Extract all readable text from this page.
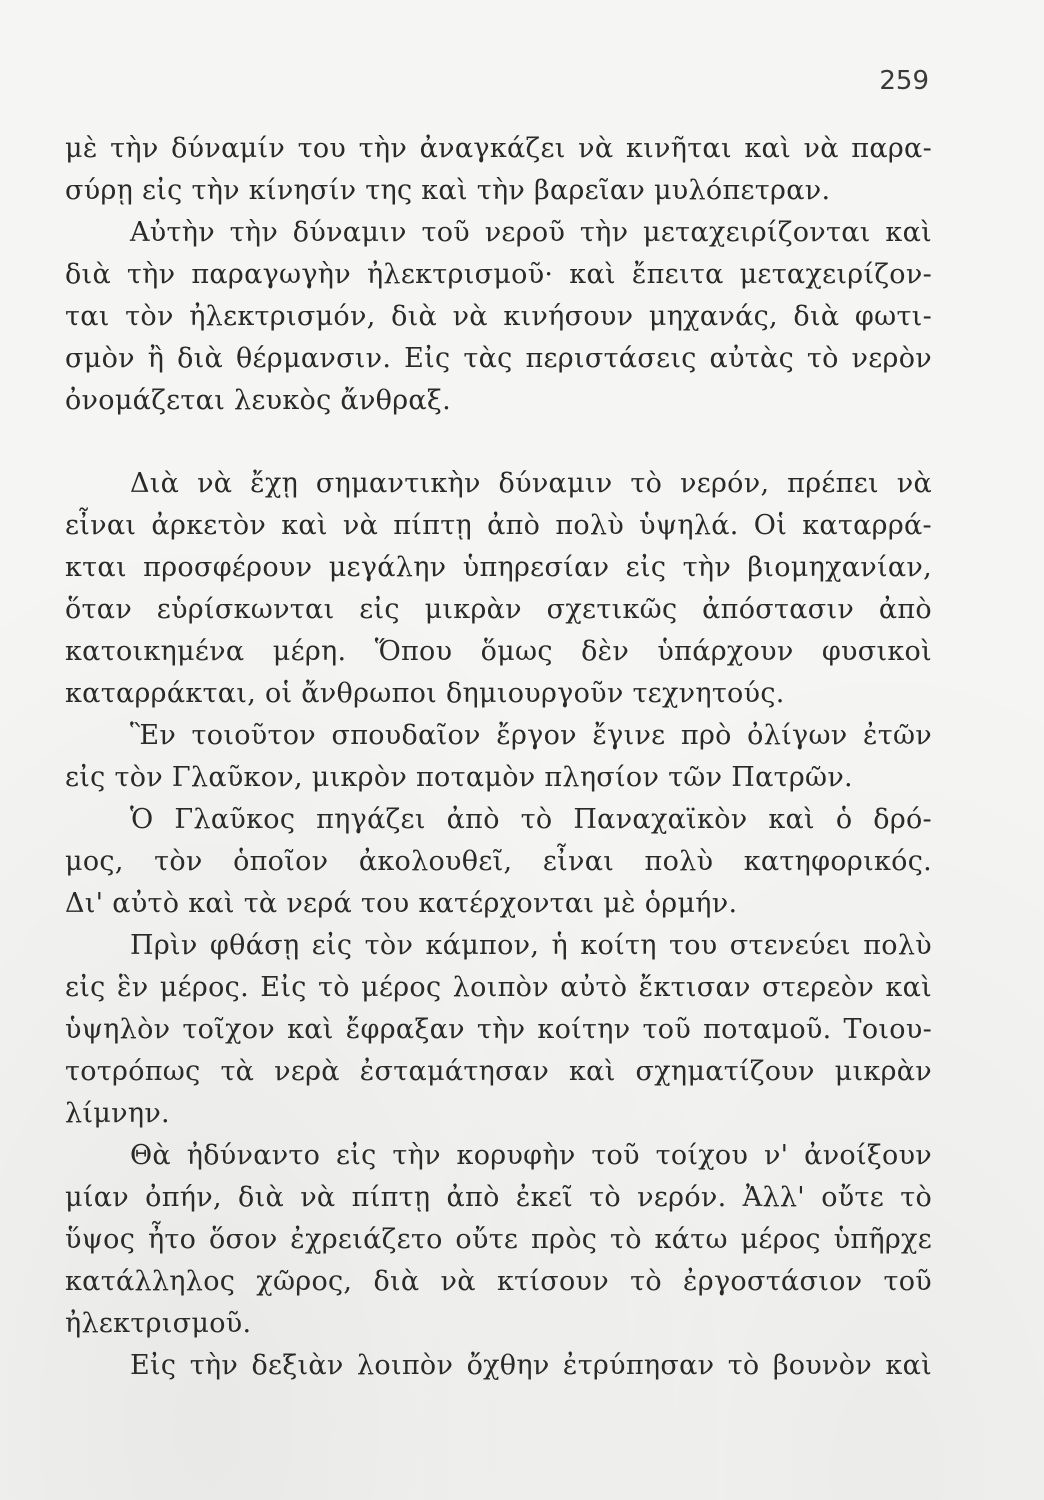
259
μὲ τὴν δύναμίν του τὴν ἀναγκάζει νὰ κινῆται καὶ νὰ παρα-
σύρῃ εἰς τὴν κίνησίν της καὶ τὴν βαρεῖαν μυλόπετραν.
Αὐτὴν τὴν δύναμιν τοῦ νεροῦ τὴν μεταχειρίζονται καὶ
διὰ τὴν παραγωγὴν ἠλεκτρισμοῦ· καὶ ἔπειτα μεταχειρίζον-
ται τὸν ἠλεκτρισμόν, διὰ νὰ κινήσουν μηχανάς, διὰ φωτι-
σμὸν ἢ διὰ θέρμανσιν. Εἰς τὰς περιστάσεις αὐτὰς τὸ νερὸν
ὀνομάζεται λευκὸς ἄνθραξ.
Διὰ νὰ ἔχῃ σημαντικὴν δύναμιν τὸ νερόν, πρέπει νὰ
εἶναι ἀρκετὸν καὶ νὰ πίπτῃ ἀπὸ πολὺ ὑψηλά. Οἱ καταρρά-
κται προσφέρουν μεγάλην ὑπηρεσίαν εἰς τὴν βιομηχανίαν,
ὅταν εὑρίσκωνται εἰς μικρὰν σχετικῶς ἀπόστασιν ἀπὸ
κατοικημένα μέρη. Ὅπου ὅμως δὲν ὑπάρχουν φυσικοὶ
καταρράκται, οἱ ἄνθρωποι δημιουργοῦν τεχνητούς.
Ἓν τοιοῦτον σπουδαῖον ἔργον ἔγινε πρὸ ὀλίγων ἐτῶν
εἰς τὸν Γλαῦκον, μικρὸν ποταμὸν πλησίον τῶν Πατρῶν.
Ὁ Γλαῦκος πηγάζει ἀπὸ τὸ Παναχαϊκὸν καὶ ὁ δρό-
μος, τὸν ὁποῖον ἀκολουθεῖ, εἶναι πολὺ κατηφορικός.
Δι' αὐτὸ καὶ τὰ νερά του κατέρχονται μὲ ὁρμήν.
Πρὶν φθάσῃ εἰς τὸν κάμπον, ἡ κοίτη του στενεύει πολὺ
εἰς ἓν μέρος. Εἰς τὸ μέρος λοιπὸν αὐτὸ ἔκτισαν στερεὸν καὶ
ὑψηλὸν τοῖχον καὶ ἔφραξαν τὴν κοίτην τοῦ ποταμοῦ. Τοιου-
τοτρόπως τὰ νερὰ ἐσταμάτησαν καὶ σχηματίζουν μικρὰν
λίμνην.
Θὰ ἠδύναντο εἰς τὴν κορυφὴν τοῦ τοίχου ν' ἀνοίξουν
μίαν ὀπήν, διὰ νὰ πίπτῃ ἀπὸ ἐκεῖ τὸ νερόν. Ἀλλ' οὔτε τὸ
ὕψος ἦτο ὅσον ἐχρειάζετο οὔτε πρὸς τὸ κάτω μέρος ὑπῆρχε
κατάλληλος χῶρος, διὰ νὰ κτίσουν τὸ ἐργοστάσιον τοῦ
ἠλεκτρισμοῦ.
Εἰς τὴν δεξιὰν λοιπὸν ὄχθην ἐτρύπησαν τὸ βουνὸν καὶ
